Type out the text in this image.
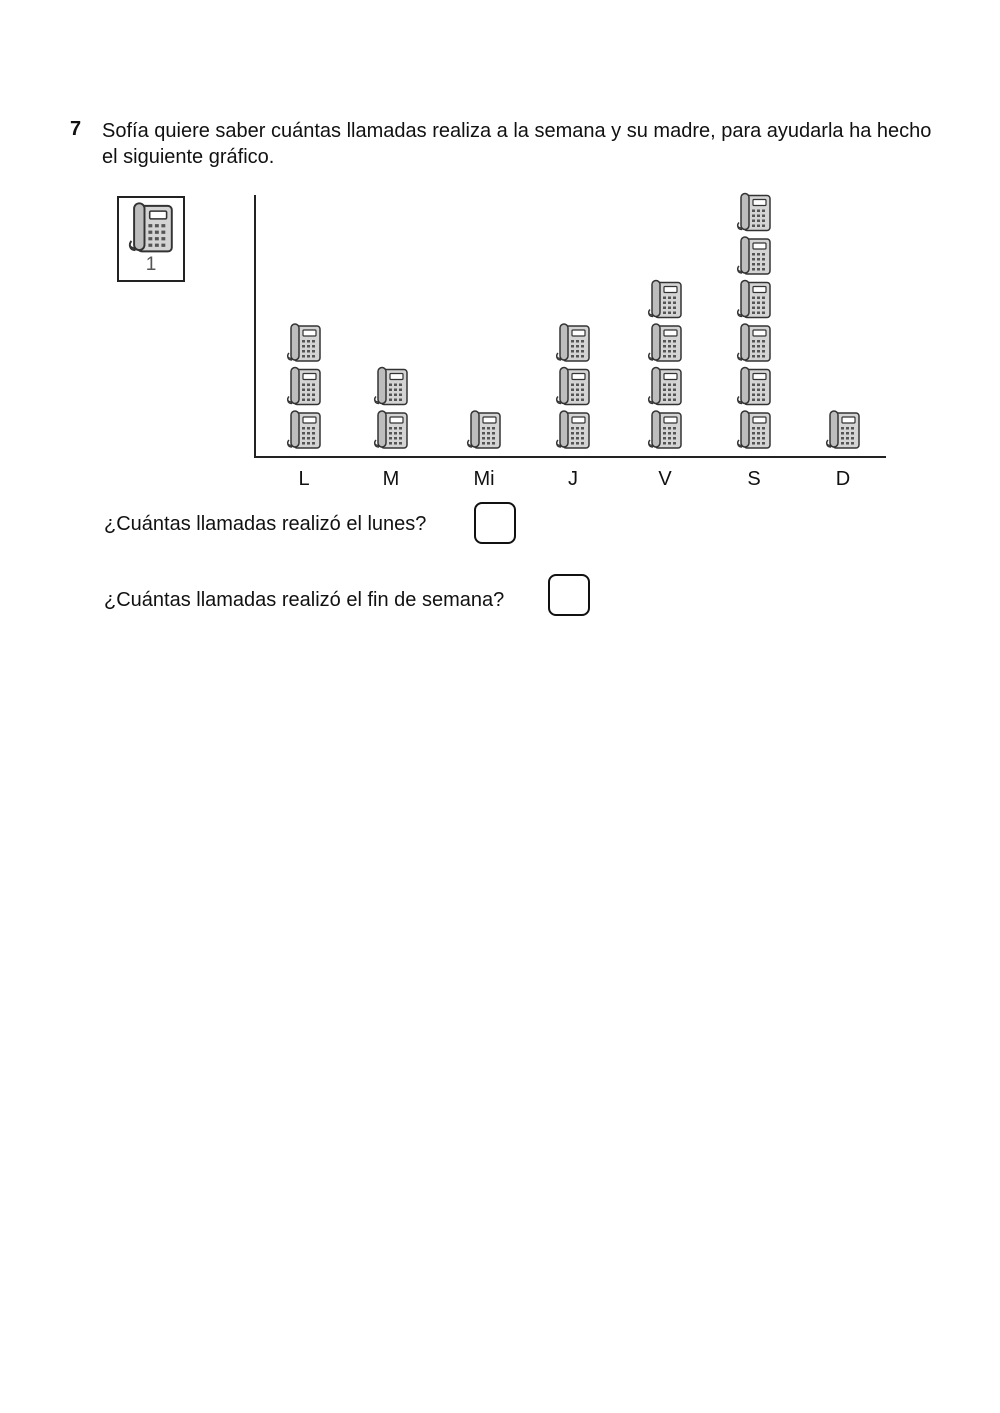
7 Sofía quiere saber cuántas llamadas realiza a la semana y su madre, para ayudarla ha hecho el siguiente gráfico.
1
L	M	Mi	J	V	S	D
¿Cuántas llamadas realizó el lunes?
¿Cuántas llamadas realizó el fin de semana?
